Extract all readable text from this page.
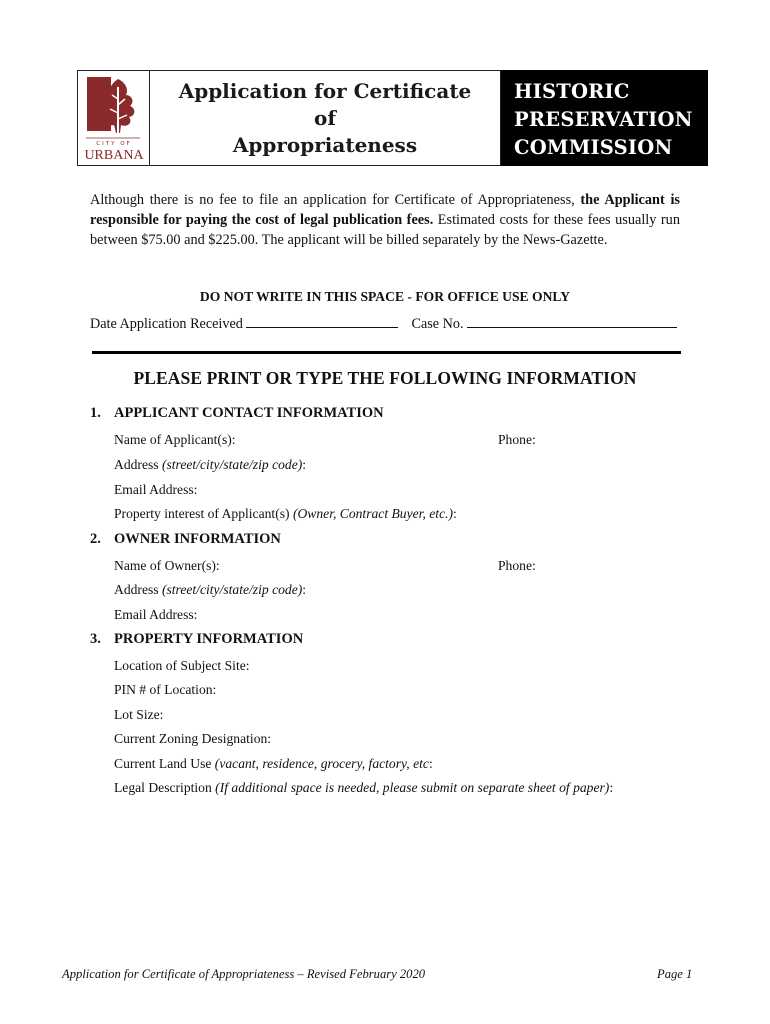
CITY OF
URBANA
Application for Certificate of
Appropriateness
HISTORIC
PRESERVATION
COMMISSION
Although there is no fee to file an application for Certificate of Appropriateness, the Applicant is responsible for paying the cost of legal publication fees. Estimated costs for these fees usually run between $75.00 and $225.00. The applicant will be billed separately by the News-Gazette.
DO NOT WRITE IN THIS SPACE - FOR OFFICE USE ONLY
Date Application Received	Case No.
PLEASE PRINT OR TYPE THE FOLLOWING INFORMATION
1. APPLICANT CONTACT INFORMATION
Name of Applicant(s):	Phone:
Address (street/city/state/zip code):
Email Address:
Property interest of Applicant(s) (Owner, Contract Buyer, etc.):
2. OWNER INFORMATION
Name of Owner(s):	Phone:
Address (street/city/state/zip code):
Email Address:
3. PROPERTY INFORMATION
Location of Subject Site:
PIN # of Location:
Lot Size:
Current Zoning Designation:
Current Land Use (vacant, residence, grocery, factory, etc:
Legal Description (If additional space is needed, please submit on separate sheet of paper):
Application for Certificate of Appropriateness – Revised February 2020	Page 1
